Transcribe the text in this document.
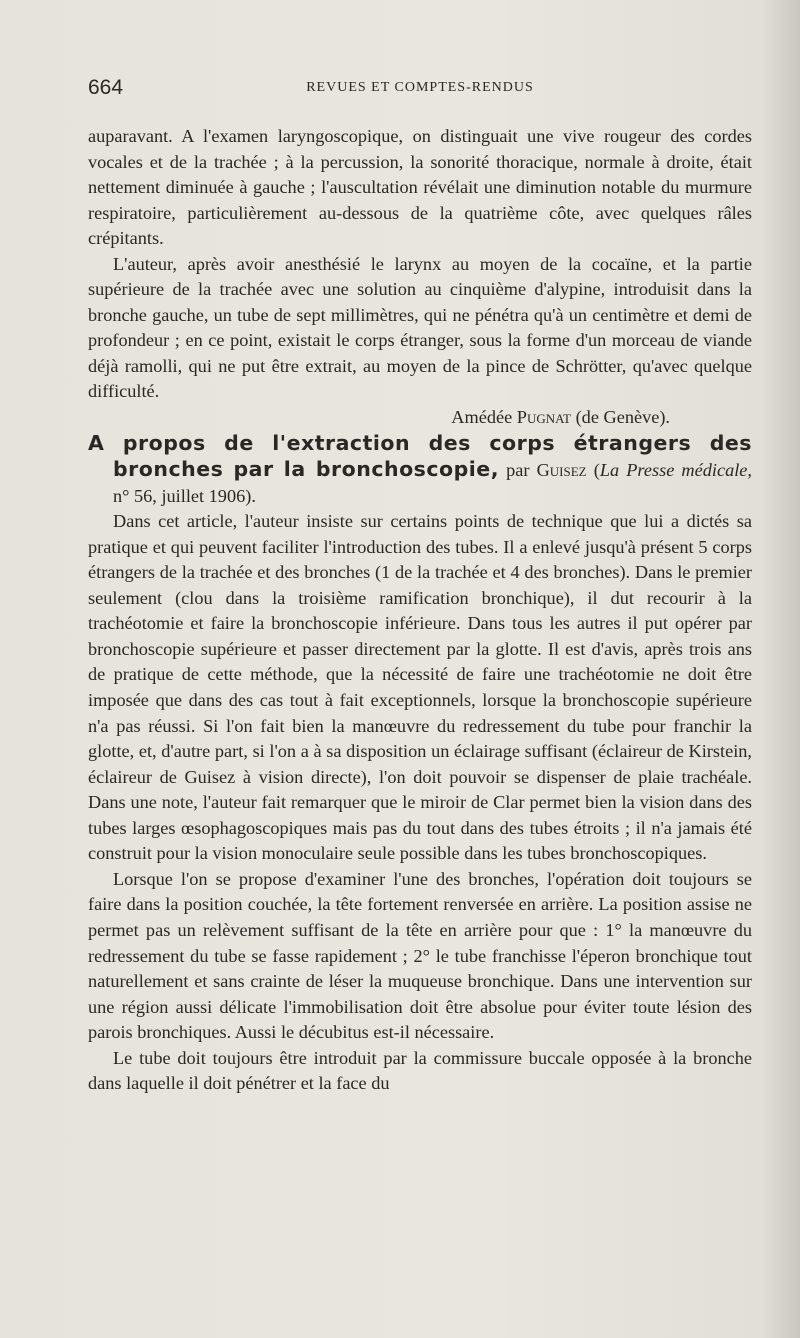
664	REVUES ET COMPTES-RENDUS

auparavant. A l'examen laryngoscopique, on distinguait une vive rougeur des cordes vocales et de la trachée ; à la percussion, la sonorité thoracique, normale à droite, était nettement diminuée à gauche ; l'auscultation révélait une diminution notable du murmure respiratoire, particulièrement au-dessous de la quatrième côte, avec quelques râles crépitants.

L'auteur, après avoir anesthésié le larynx au moyen de la cocaïne, et la partie supérieure de la trachée avec une solution au cinquième d'alypine, introduisit dans la bronche gauche, un tube de sept millimètres, qui ne pénétra qu'à un centimètre et demi de profondeur ; en ce point, existait le corps étranger, sous la forme d'un morceau de viande déjà ramolli, qui ne put être extrait, au moyen de la pince de Schrötter, qu'avec quelque difficulté.

Amédée Pugnat (de Genève).

A propos de l'extraction des corps étrangers des bronches par la bronchoscopie, par Guisez (La Presse médicale, n° 56, juillet 1906).

Dans cet article, l'auteur insiste sur certains points de technique que lui a dictés sa pratique et qui peuvent faciliter l'introduction des tubes. Il a enlevé jusqu'à présent 5 corps étrangers de la trachée et des bronches (1 de la trachée et 4 des bronches). Dans le premier seulement (clou dans la troisième ramification bronchique), il dut recourir à la trachéotomie et faire la bronchoscopie inférieure. Dans tous les autres il put opérer par bronchoscopie supérieure et passer directement par la glotte. Il est d'avis, après trois ans de pratique de cette méthode, que la nécessité de faire une trachéotomie ne doit être imposée que dans des cas tout à fait exceptionnels, lorsque la bronchoscopie supérieure n'a pas réussi. Si l'on fait bien la manœuvre du redressement du tube pour franchir la glotte, et, d'autre part, si l'on a à sa disposition un éclairage suffisant (éclaireur de Kirstein, éclaireur de Guisez à vision directe), l'on doit pouvoir se dispenser de plaie trachéale. Dans une note, l'auteur fait remarquer que le miroir de Clar permet bien la vision dans des tubes larges œsophagoscopiques mais pas du tout dans des tubes étroits ; il n'a jamais été construit pour la vision monoculaire seule possible dans les tubes bronchoscopiques.

Lorsque l'on se propose d'examiner l'une des bronches, l'opération doit toujours se faire dans la position couchée, la tête fortement renversée en arrière. La position assise ne permet pas un relèvement suffisant de la tête en arrière pour que : 1° la manœuvre du redressement du tube se fasse rapidement ; 2° le tube franchisse l'éperon bronchique tout naturellement et sans crainte de léser la muqueuse bronchique. Dans une intervention sur une région aussi délicate l'immobilisation doit être absolue pour éviter toute lésion des parois bronchiques. Aussi le décubitus est-il nécessaire.

Le tube doit toujours être introduit par la commissure buccale opposée à la bronche dans laquelle il doit pénétrer et la face du
